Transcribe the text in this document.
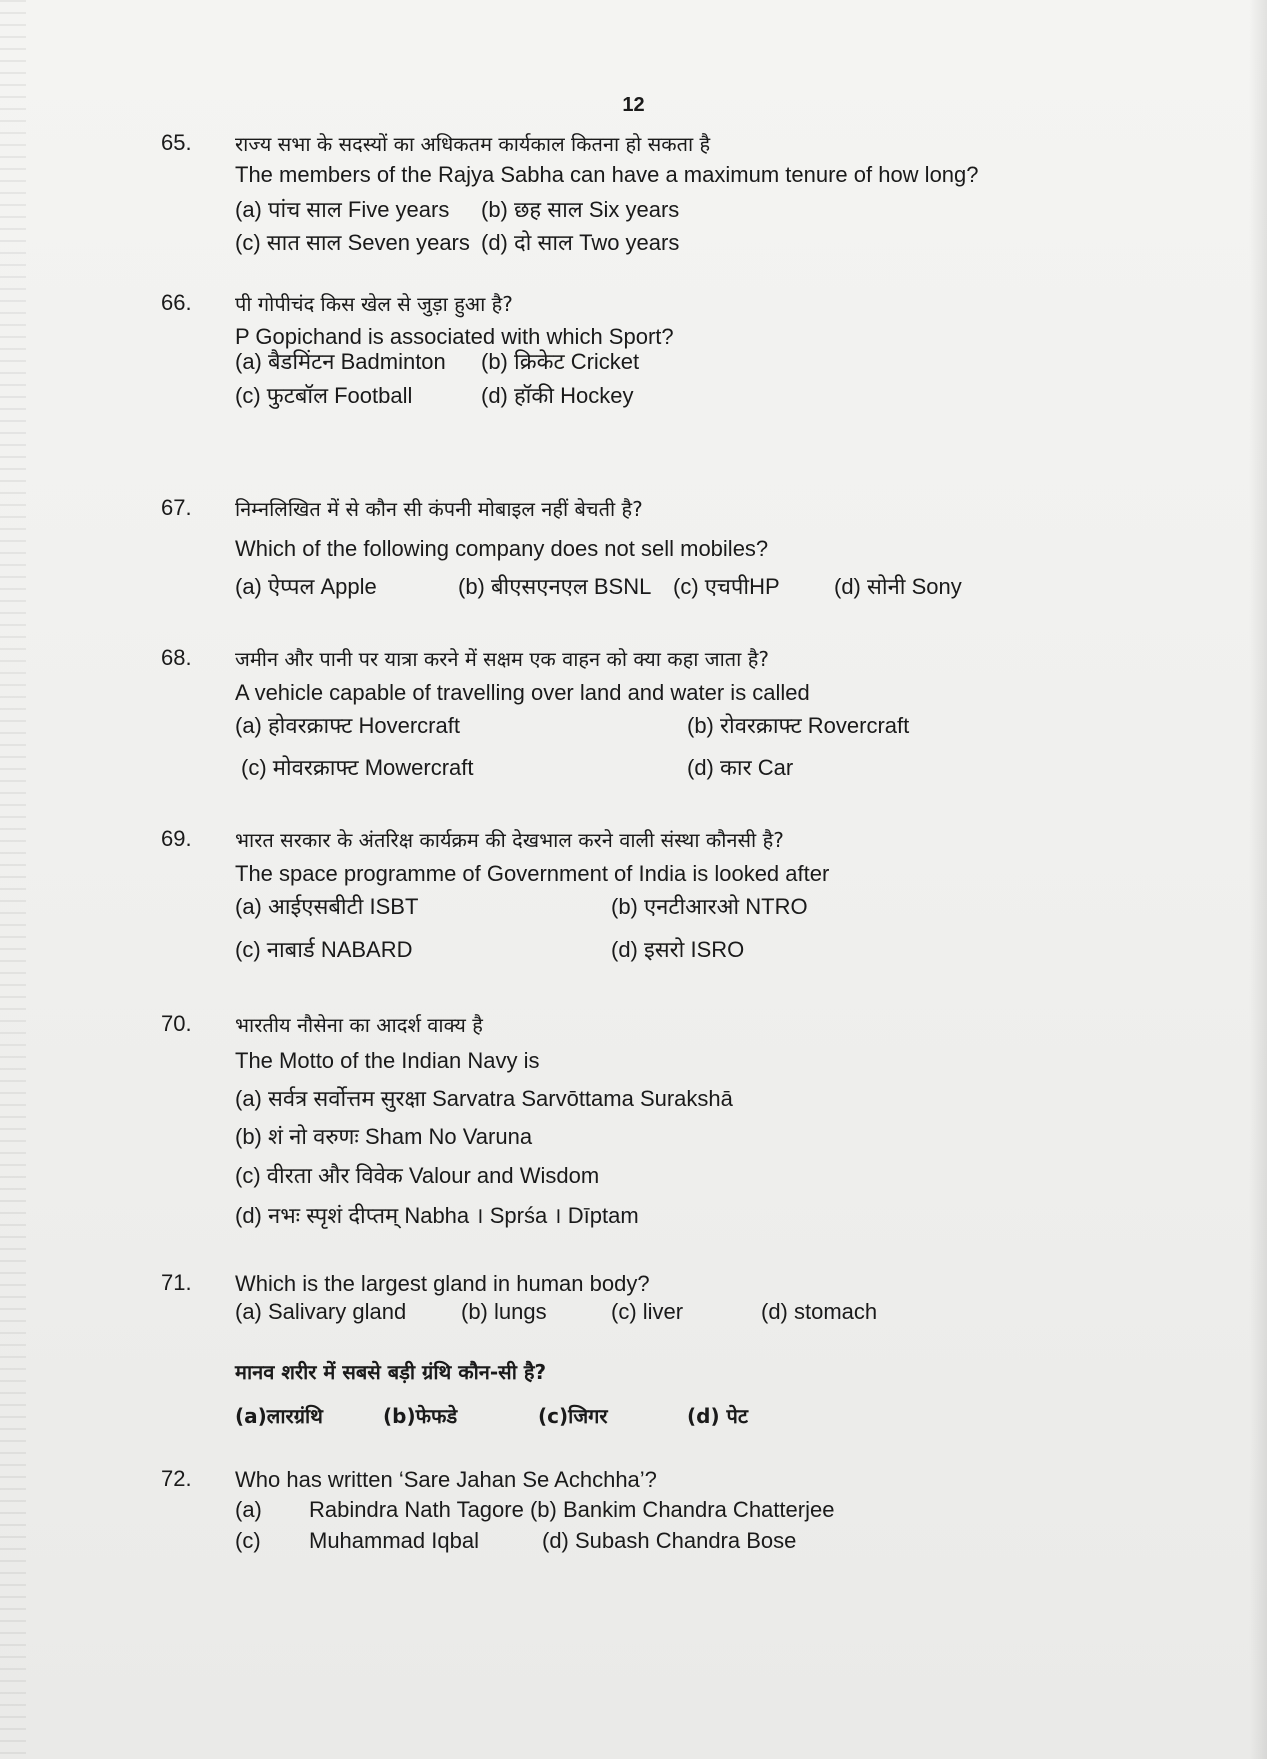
12
65. राज्य सभा के सदस्यों का अधिकतम कार्यकाल कितना हो सकता है
The members of the Rajya Sabha can have a maximum tenure of how long?
(a) पांच साल Five years (b) छह साल Six years
(c) सात साल Seven years (d) दो साल Two years
66. पी गोपीचंद किस खेल से जुड़ा हुआ है?
P Gopichand is associated with which Sport?
(a) बैडमिंटन Badminton (b) क्रिकेट Cricket
(c) फुटबॉल Football	(d) हॉकी Hockey
67. निम्नलिखित में से कौन सी कंपनी मोबाइल नहीं बेचती है?
Which of the following company does not sell mobiles?
(a) ऐप्पल Apple	(b) बीएसएनएल BSNL (c) एचपीHP (d) सोनी Sony
68. जमीन और पानी पर यात्रा करने में सक्षम एक वाहन को क्या कहा जाता है?
A vehicle capable of travelling over land and water is called
(a) होवरक्राफ्ट Hovercraft	(b) रोवरक्राफ्ट Rovercraft
(c) मोवरक्राफ्ट Mowercraft	(d) कार Car
69. भारत सरकार के अंतरिक्ष कार्यक्रम की देखभाल करने वाली संस्था कौनसी है?
The space programme of Government of India is looked after
(a) आईएसबीटी ISBT	(b) एनटीआरओ NTRO
(c) नाबार्ड NABARD	(d) इसरो ISRO
70. भारतीय नौसेना का आदर्श वाक्य है
The Motto of the Indian Navy is
(a) सर्वत्र सर्वोत्तम सुरक्षा Sarvatra Sarvōttama Surakshā
(b) शं नो वरुणः Sham No Varuna
(c) वीरता और विवेक Valour and Wisdom
(d) नभः स्पृशं दीप्तम् Nabha । Sprśa । Dīptam
71. Which is the largest gland in human body?
(a) Salivary gland (b) lungs	(c) liver	(d) stomach
मानव शरीर में सबसे बड़ी ग्रंथि कौन-सी है?
(a)लारग्रंथि	(b)फेफडे	(c)जिगर	(d) पेट
72. Who has written ‘Sare Jahan Se Achchha’?
(a) Rabindra Nath Tagore (b) Bankim Chandra Chatterjee
(c) Muhammad Iqbal	(d) Subash Chandra Bose
